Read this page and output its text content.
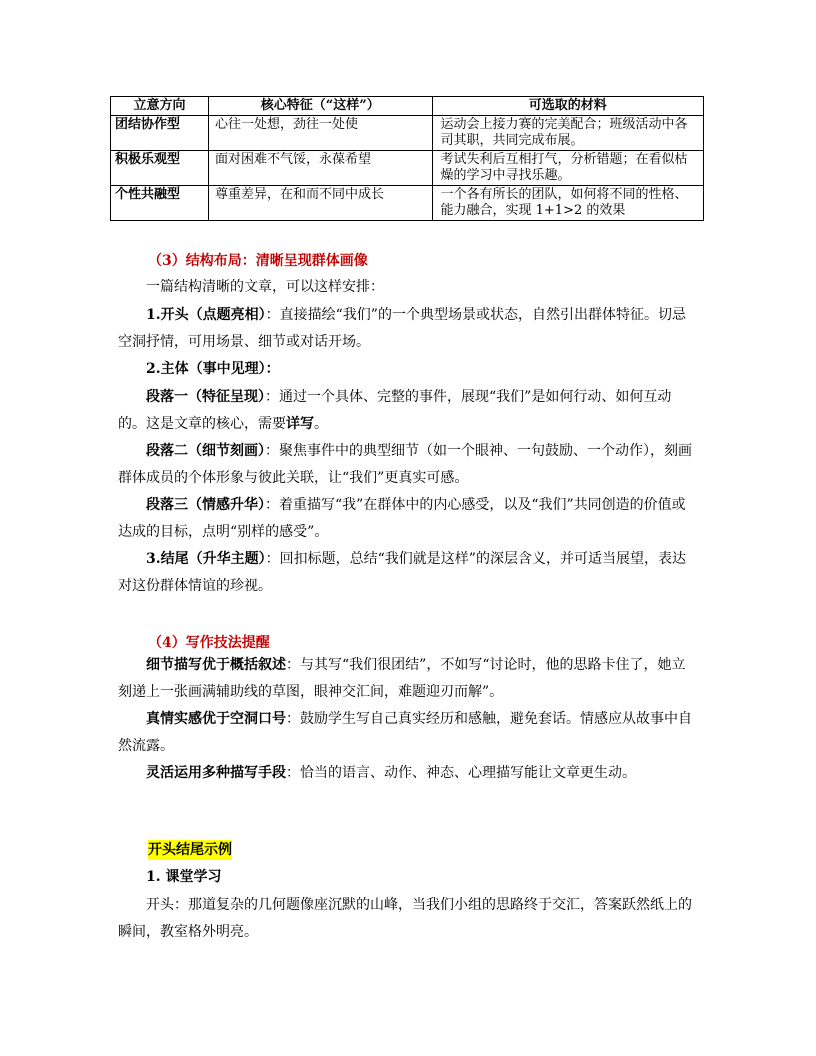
立意方向	核心特征（“这样”）	可选取的材料
团结协作型	心往一处想，劲往一处使	运动会上接力赛的完美配合；班级活动中各司其职，共同完成布展。
积极乐观型	面对困难不气馁，永葆希望	考试失利后互相打气，分析错题；在看似枯燥的学习中寻找乐趣。
个性共融型	尊重差异，在和而不同中成长	一个各有所长的团队，如何将不同的性格、能力融合，实现 1+1>2 的效果
（3）结构布局：清晰呈现群体画像

一篇结构清晰的文章，可以这样安排：

1.开头（点题亮相）：直接描绘“我们”的一个典型场景或状态，自然引出群体特征。切忌空洞抒情，可用场景、细节或对话开场。

2.主体（事中见理）：

段落一（特征呈现）：通过一个具体、完整的事件，展现“我们”是如何行动、如何互动的。这是文章的核心，需要详写。

段落二（细节刻画）：聚焦事件中的典型细节（如一个眼神、一句鼓励、一个动作），刻画群体成员的个体形象与彼此关联，让“我们”更真实可感。

段落三（情感升华）：着重描写“我”在群体中的内心感受，以及“我们”共同创造的价值或达成的目标，点明“别样的感受”。

3.结尾（升华主题）：回扣标题，总结“我们就是这样”的深层含义，并可适当展望，表达对这份群体情谊的珍视。

（4）写作技法提醒

细节描写优于概括叙述：与其写“我们很团结”，不如写“讨论时，他的思路卡住了，她立刻递上一张画满辅助线的草图，眼神交汇间，难题迎刃而解”。

真情实感优于空洞口号：鼓励学生写自己真实经历和感触，避免套话。情感应从故事中自然流露。

灵活运用多种描写手段：恰当的语言、动作、神态、心理描写能让文章更生动。

开头结尾示例

1. 课堂学习

开头：那道复杂的几何题像座沉默的山峰，当我们小组的思路终于交汇，答案跃然纸上的瞬间，教室格外明亮。
